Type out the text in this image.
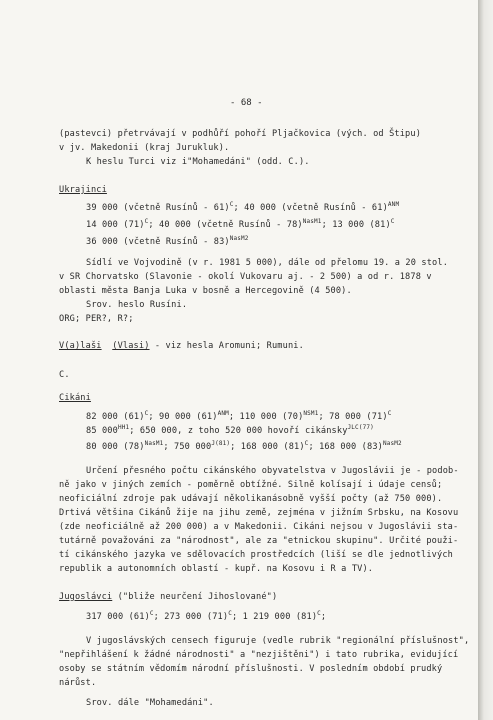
- 68 -
(pastevci) přetrvávají v podhůří pohoří Pljačkovica (vých. od Štipu)
v jv. Makedonii (kraj Jurukluk).
K heslu Turci viz i"Mohamedáni" (odd. C.).
Ukrajinci
39 000 (včetně Rusínů - 61)$^C$; 40 000 (včetně Rusínů - 61)$^{ANM}$
14 000 $(71)^C$; 40 000 (včetně Rusínů - 78)$^{NasM1}$; 13 000 $(81)^C$
36 000 (včetně Rusínů - 83)$^{NasM2}$
Sídlí ve Vojvodině (v r. 1981 5 000), dále od přelomu 19. a 20 stol.
v SR Chorvatsko (Slavonie - okolí Vukovaru aj. - 2 500) a od r. 1878 v
oblasti města Banja Luka v bosně a Hercegovině (4 500).
Srov. heslo Rusíni.
ORG; PER?, R?;
V(a)laši (Vlasi) - viz hesla Aromuni; Rumuni.
C.
Cikáni
82 000 $(61)^C$; 90 000 $(61)^{ANM}$; 110 000 $(70)^{NSM1}$; 78 000 $(71)^C$
85 $000^{HH1}$; 650 000, z toho 520 000 hovoří cikánsky$^{JLC(77)}$
80 000 $(78)^{NasM1}$; 750 $000^{J(81)}$; 168 000 $(81)^C$; 168 000 $(83)^{NasM2}$
Určení přesného počtu cikánského obyvatelstva v Jugoslávii je - podob-
ně jako v jiných zemích - poměrně obtížné. Silně kolísají i údaje censů;
neoficiální zdroje pak udávají několikanásobně vyšší počty (až 750 000).
Drtivá většina Cikánů žije na jihu země, zejména v jižním Srbsku, na Kosovu
(zde neoficiálně až 200 000) a v Makedonii. Cikáni nejsou v Jugoslávii sta-
tutárně považováni za "národnost", ale za "etnickou skupinu". Určité použi-
tí cikánského jazyka ve sdělovacích prostředcích (liší se dle jednotlivých
republik a autonomních oblastí - kupř. na Kosovu i R a TV).
Jugoslávci ("bliže neurčení Jihoslované")
317 000 $(61)^C$; 273 000 $(71)^C$; 1 219 000 $(81)^C$;
V jugoslávských censech figuruje (vedle rubrik "regionální příslušnost",
"nepřihlášení k žádné národnosti" a "nezjištěni") i tato rubrika, evidující
osoby se státním vědomím národní příslušnosti. V posledním období prudký
nárůst.
Srov. dále "Mohamedáni".
